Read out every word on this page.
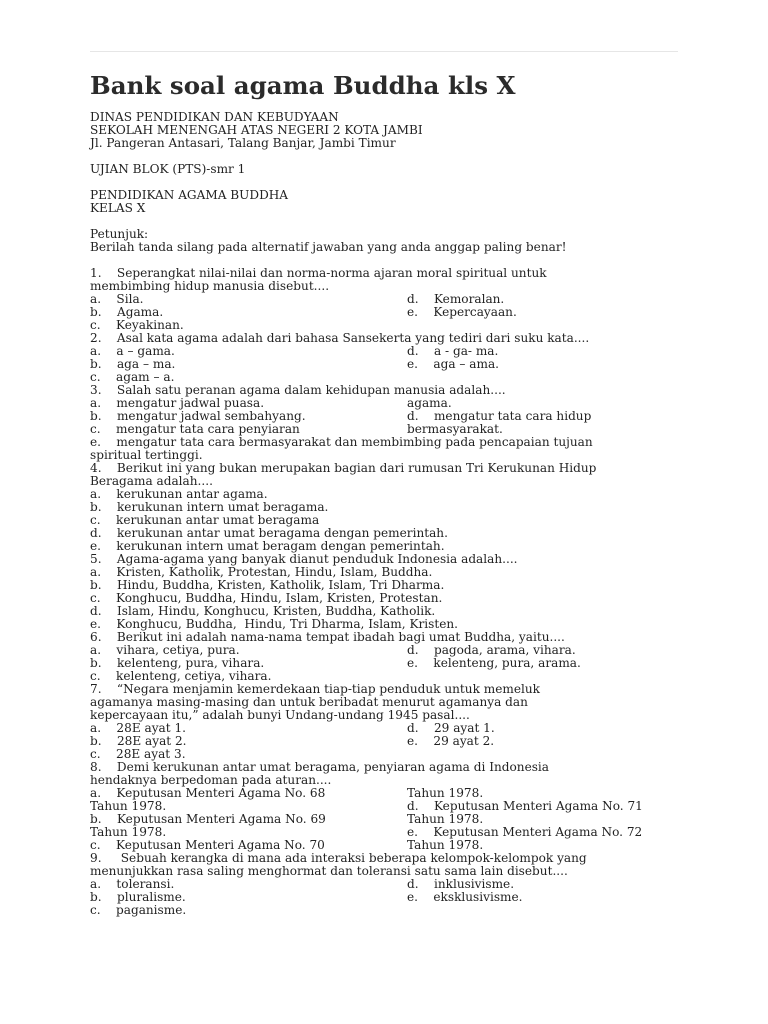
Bank soal agama Buddha kls X
DINAS PENDIDIKAN DAN KEBUDYAAN
SEKOLAH MENENGAH ATAS NEGERI 2 KOTA JAMBI
Jl. Pangeran Antasari, Talang Banjar, Jambi Timur
UJIAN BLOK (PTS)-smr 1
PENDIDIKAN AGAMA BUDDHA
KELAS X
Petunjuk:
Berilah tanda silang pada alternatif jawaban yang anda anggap paling benar!
1.    Seperangkat nilai-nilai dan norma-norma ajaran moral spiritual untuk
membimbing hidup manusia disebut....
a.    Sila.	d.    Kemoralan.
b.    Agama.	e.    Kepercayaan.
c.    Keyakinan.
2.    Asal kata agama adalah dari bahasa Sansekerta yang tediri dari suku kata....
a.    a – gama.	d.    a - ga- ma.
b.    aga – ma.	e.    aga – ama.
c.    agam – a.
3.    Salah satu peranan agama dalam kehidupan manusia adalah....
a.    mengatur jadwal puasa.	agama.
b.    mengatur jadwal sembahyang.	d.    mengatur tata cara hidup
c.    mengatur tata cara penyiaran	bermasyarakat.
e.    mengatur tata cara bermasyarakat dan membimbing pada pencapaian tujuan
spiritual tertinggi.
4.    Berikut ini yang bukan merupakan bagian dari rumusan Tri Kerukunan Hidup
Beragama adalah....
a.    kerukunan antar agama.
b.    kerukunan intern umat beragama.
c.    kerukunan antar umat beragama
d.    kerukunan antar umat beragama dengan pemerintah.
e.    kerukunan intern umat beragam dengan pemerintah.
5.    Agama-agama yang banyak dianut penduduk Indonesia adalah....
a.    Kristen, Katholik, Protestan, Hindu, Islam, Buddha.
b.    Hindu, Buddha, Kristen, Katholik, Islam, Tri Dharma.
c.    Konghucu, Buddha, Hindu, Islam, Kristen, Protestan.
d.    Islam, Hindu, Konghucu, Kristen, Buddha, Katholik.
e.    Konghucu, Buddha,  Hindu, Tri Dharma, Islam, Kristen.
6.    Berikut ini adalah nama-nama tempat ibadah bagi umat Buddha, yaitu....
a.    vihara, cetiya, pura.	d.    pagoda, arama, vihara.
b.    kelenteng, pura, vihara.	e.    kelenteng, pura, arama.
c.    kelenteng, cetiya, vihara.
7.    “Negara menjamin kemerdekaan tiap-tiap penduduk untuk memeluk
agamanya masing-masing dan untuk beribadat menurut agamanya dan
kepercayaan itu,” adalah bunyi Undang-undang 1945 pasal....
a.    28E ayat 1.	d.    29 ayat 1.
b.    28E ayat 2.	e.    29 ayat 2.
c.    28E ayat 3.
8.    Demi kerukunan antar umat beragama, penyiaran agama di Indonesia
hendaknya berpedoman pada aturan....
a.    Keputusan Menteri Agama No. 68	Tahun 1978.
Tahun 1978.	d.    Keputusan Menteri Agama No. 71
b.    Keputusan Menteri Agama No. 69	Tahun 1978.
Tahun 1978.	e.    Keputusan Menteri Agama No. 72
c.    Keputusan Menteri Agama No. 70	Tahun 1978.
9.     Sebuah kerangka di mana ada interaksi beberapa kelompok-kelompok yang
menunjukkan rasa saling menghormat dan toleransi satu sama lain disebut....
a.    toleransi.	d.    inklusivisme.
b.    pluralisme.	e.    eksklusivisme.
c.    paganisme.
